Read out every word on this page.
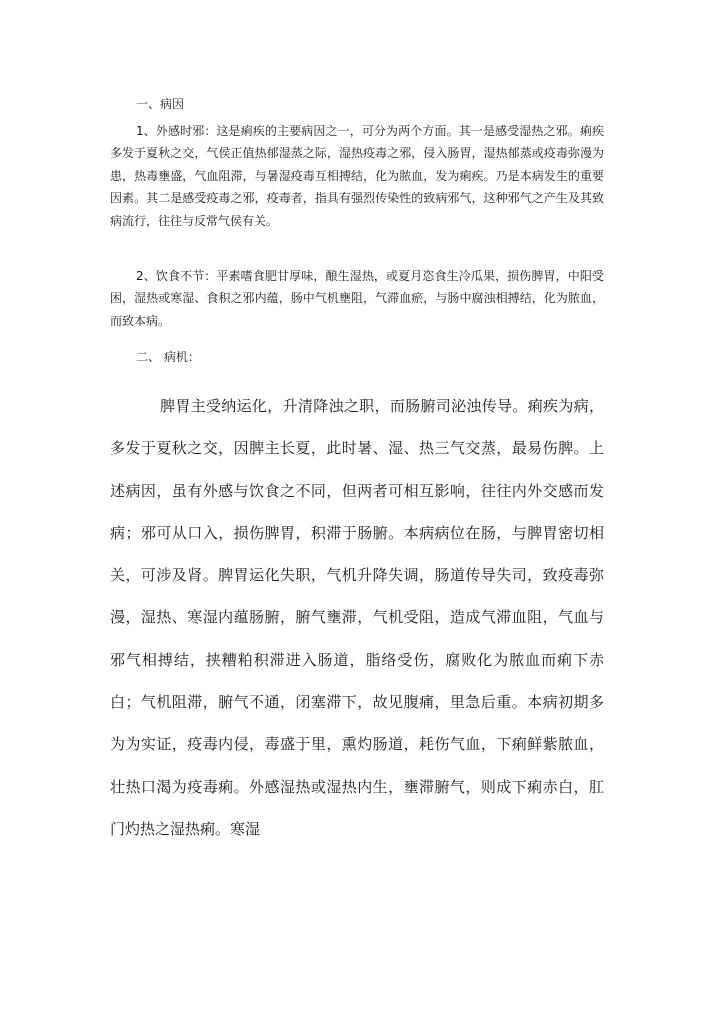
一、病因

1、外感时邪：这是痢疾的主要病因之一，可分为两个方面。其一是感受湿热之邪。痢疾多发于夏秋之交，气侯正值热郁湿蒸之际，湿热疫毒之邪，侵入肠胃，湿热郁蒸或疫毒弥漫为患，热毒壅盛，气血阻滞，与暑湿疫毒互相搏结，化为脓血，发为痢疾。乃是本病发生的重要因素。其二是感受疫毒之邪，疫毒者，指具有强烈传染性的致病邪气，这种邪气之产生及其致病流行，往往与反常气侯有关。

2、饮食不节：平素嗜食肥甘厚味，酿生湿热，或夏月恣食生冷瓜果，损伤脾胃，中阳受困，湿热或寒湿、食积之邪内蕴，肠中气机壅阻，气滞血瘀，与肠中腐浊相搏结，化为脓血，而致本病。

二、 病机：

脾胃主受纳运化，升清降浊之职，而肠腑司泌浊传导。痢疾为病，多发于夏秋之交，因脾主长夏，此时暑、湿、热三气交蒸，最易伤脾。上述病因，虽有外感与饮食之不同，但两者可相互影响，往往内外交感而发病；邪可从口入，损伤脾胃，积滞于肠腑。本病病位在肠，与脾胃密切相关，可涉及肾。脾胃运化失职，气机升降失调，肠道传导失司，致疫毒弥漫，湿热、寒湿内蕴肠腑，腑气壅滞，气机受阻，造成气滞血阻，气血与邪气相搏结，挟糟粕积滞进入肠道，脂络受伤，腐败化为脓血而痢下赤白；气机阻滞，腑气不通，闭塞滞下，故见腹痛，里急后重。本病初期多为为实证，疫毒内侵，毒盛于里，熏灼肠道，耗伤气血，下痢鲜紫脓血，壮热口渴为疫毒痢。外感湿热或湿热内生，壅滞腑气，则成下痢赤白，肛门灼热之湿热痢。寒湿
